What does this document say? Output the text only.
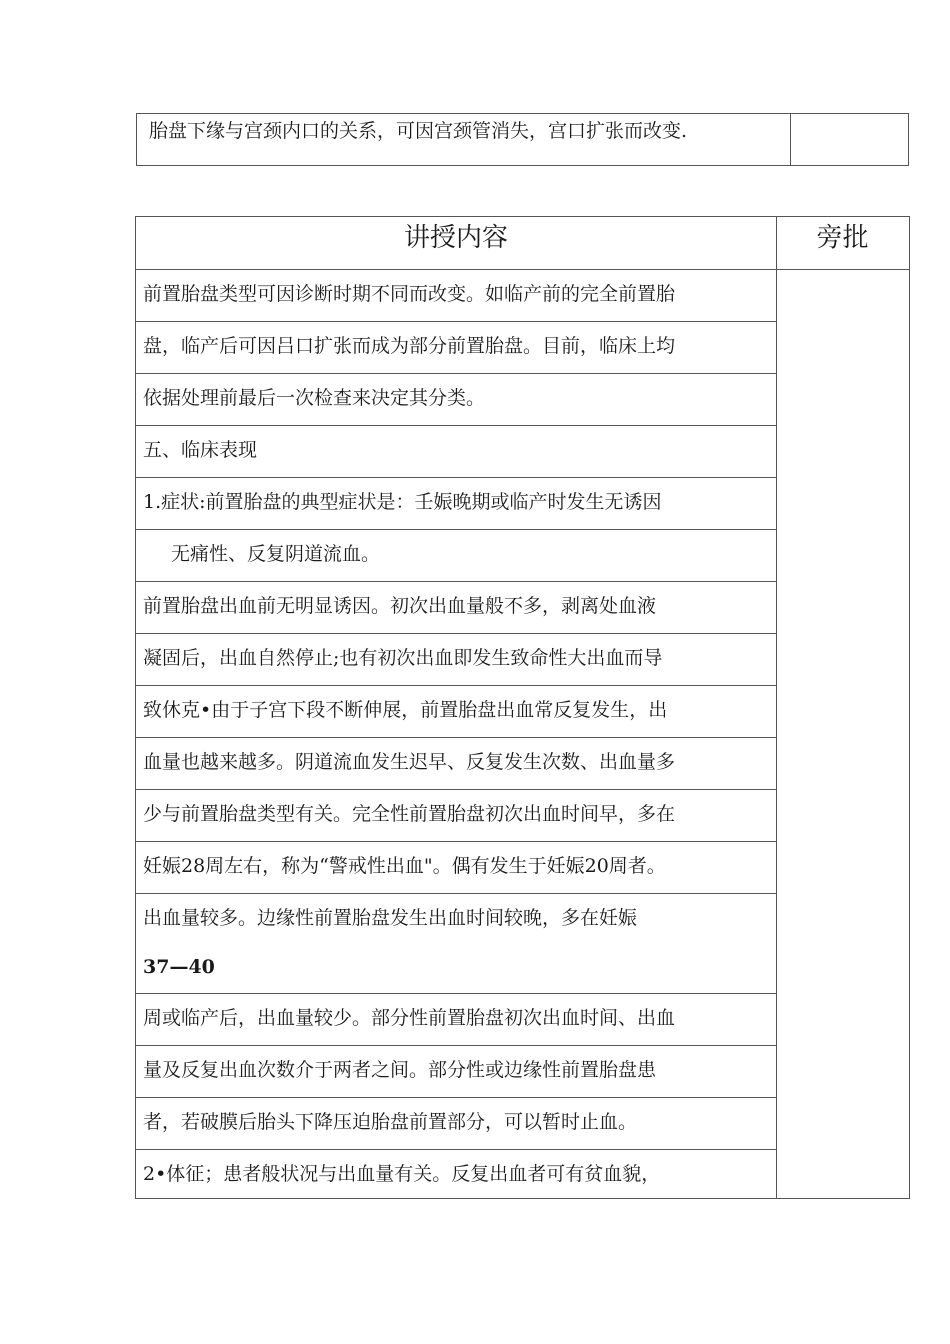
胎盘下缘与宫颈内口的关系，可因宫颈管消失，宫口扩张而改变.
讲授内容	旁批
前置胎盘类型可因诊断时期不同而改变。如临产前的完全前置胎
盘，临产后可因吕口扩张而成为部分前置胎盘。目前，临床上均
依据处理前最后一次检查来决定其分类。
五、临床表现
1.症状:前置胎盘的典型症状是：壬娠晚期或临产时发生无诱因
无痛性、反复阴道流血。
前置胎盘出血前无明显诱因。初次出血量般不多，剥离处血液
凝固后，出血自然停止;也有初次出血即发生致命性大出血而导
致休克•由于子宫下段不断伸展，前置胎盘出血常反复发生，出
血量也越来越多。阴道流血发生迟早、反复发生次数、出血量多
少与前置胎盘类型有关。完全性前置胎盘初次出血时间早，多在
妊娠28周左右，称为“警戒性出血"。偶有发生于妊娠20周者。
出血量较多。边缘性前置胎盘发生出血时间较晚，多在妊娠
37—40
周或临产后，出血量较少。部分性前置胎盘初次出血时间、出血
量及反复出血次数介于两者之间。部分性或边缘性前置胎盘患
者，若破膜后胎头下降压迫胎盘前置部分，可以暂时止血。
2•体征；患者般状况与出血量有关。反复出血者可有贫血貌，
